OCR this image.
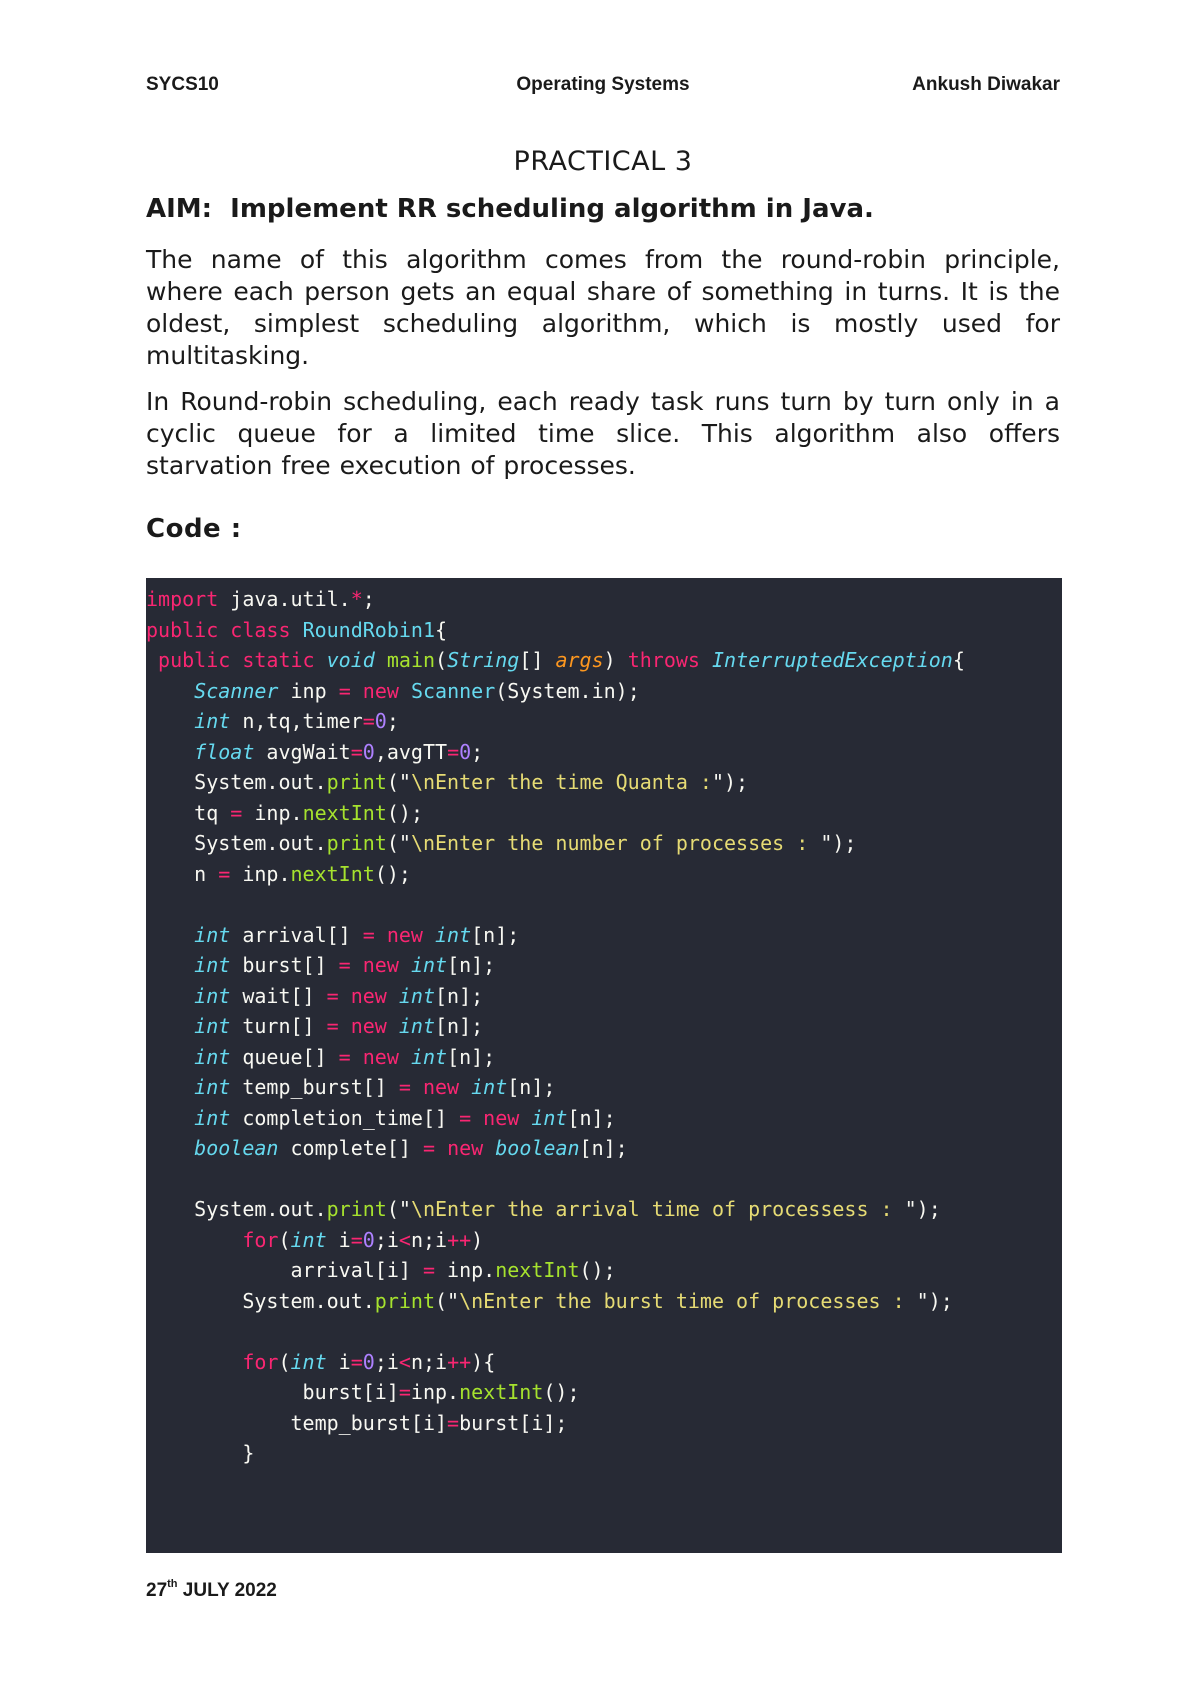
SYCS10	Operating Systems	Ankush Diwakar
PRACTICAL 3
AIM:  Implement RR scheduling algorithm in Java.
The name of this algorithm comes from the round-robin principle, where each person gets an equal share of something in turns. It is the oldest, simplest scheduling algorithm, which is mostly used for multitasking.
In Round-robin scheduling, each ready task runs turn by turn only in a cyclic queue for a limited time slice. This algorithm also offers starvation free execution of processes.
Code :
import java.util.*;
public class RoundRobin1{
public static void main(String[] args) throws InterruptedException{
Scanner inp = new Scanner(System.in);
int n,tq,timer=0;
float avgWait=0,avgTT=0;
System.out.print("\nEnter the time Quanta :");
tq = inp.nextInt();
System.out.print("\nEnter the number of processes : ");
n = inp.nextInt();
int arrival[] = new int[n];
int burst[] = new int[n];
int wait[] = new int[n];
int turn[] = new int[n];
int queue[] = new int[n];
int temp_burst[] = new int[n];
int completion_time[] = new int[n];
boolean complete[] = new boolean[n];
System.out.print("\nEnter the arrival time of processess : ");
for(int i=0;i<n;i++)
arrival[i] = inp.nextInt();
System.out.print("\nEnter the burst time of processes : ");
for(int i=0;i<n;i++){
burst[i]=inp.nextInt();
temp_burst[i]=burst[i];
}
27th JULY 2022
